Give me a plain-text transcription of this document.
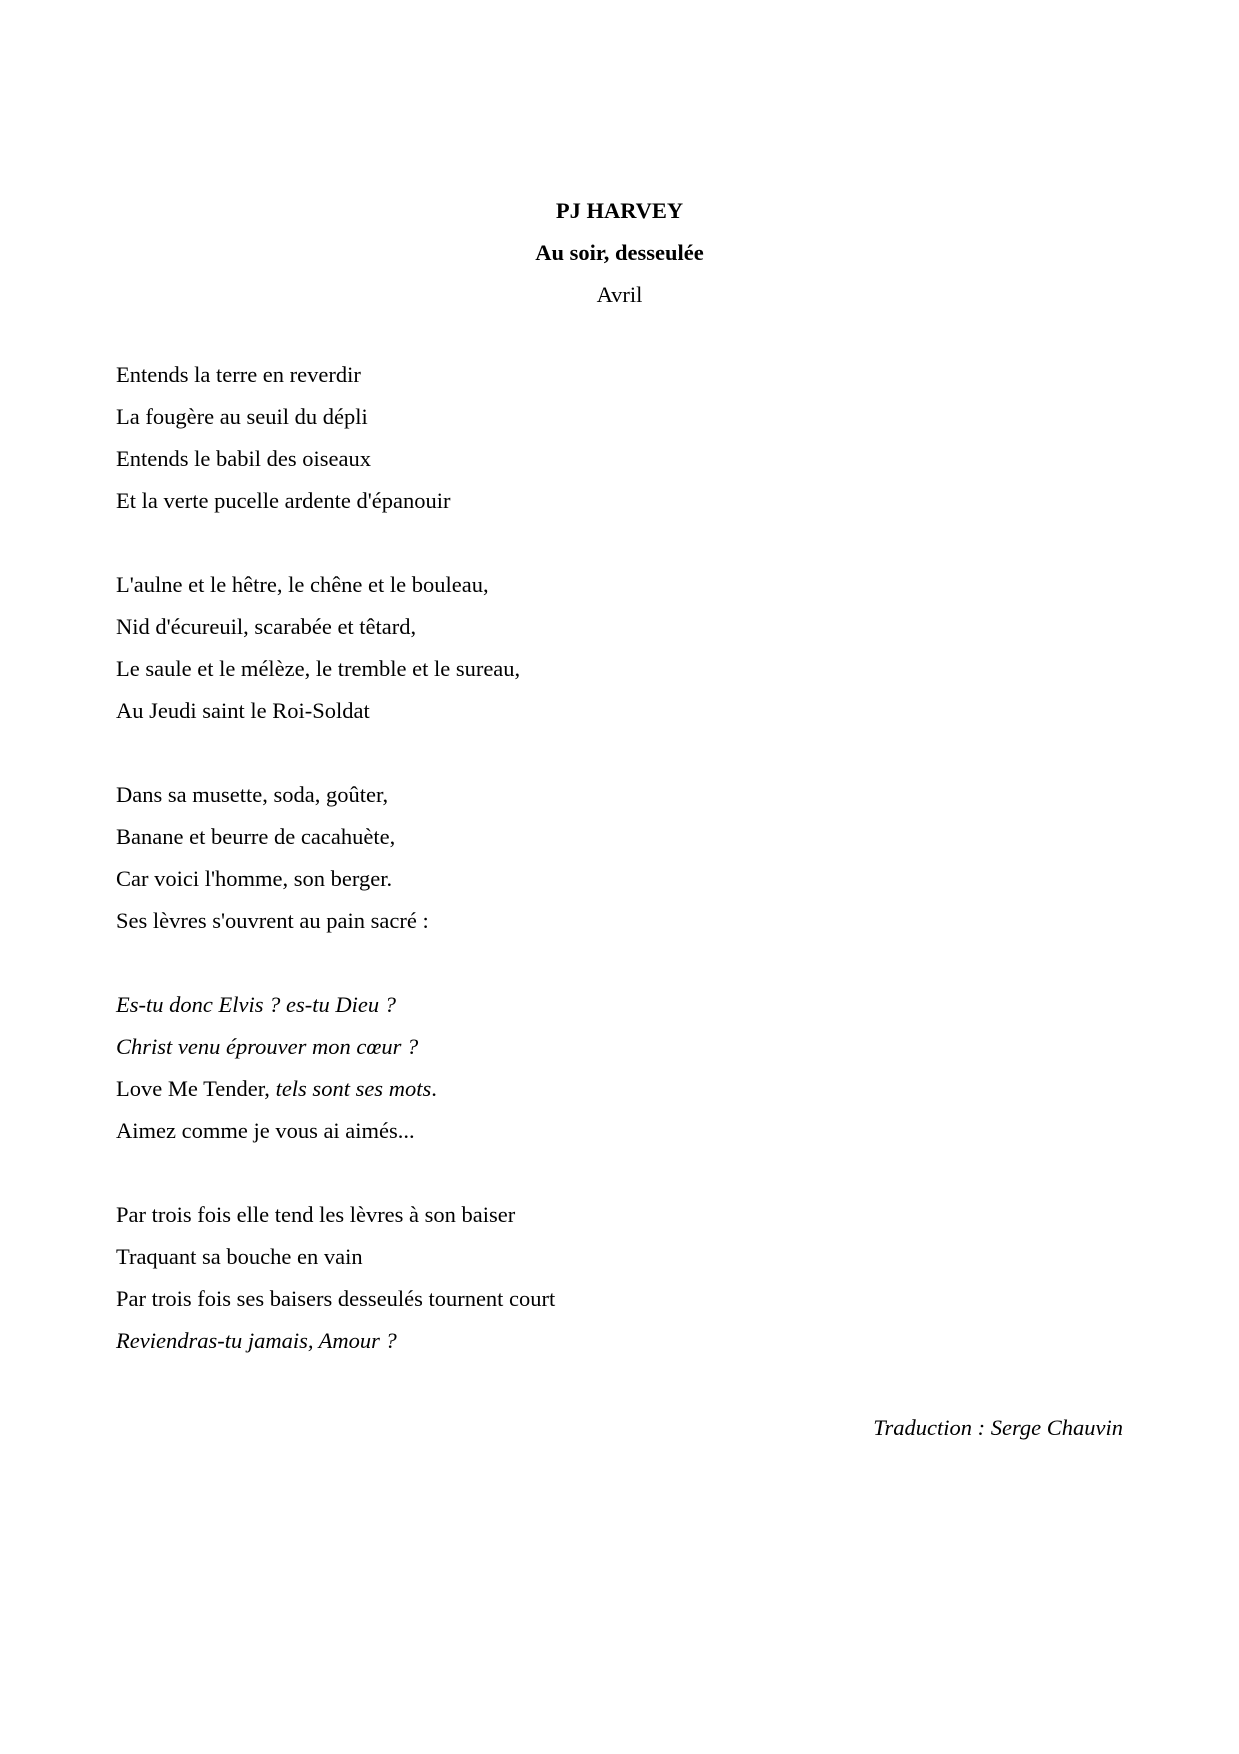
PJ HARVEY
Au soir, desseulée
Avril
Entends la terre en reverdir
La fougère au seuil du dépli
Entends le babil des oiseaux
Et la verte pucelle ardente d'épanouir
L'aulne et le hêtre, le chêne et le bouleau,
Nid d'écureuil, scarabée et têtard,
Le saule et le mélèze, le tremble et le sureau,
Au Jeudi saint le Roi-Soldat
Dans sa musette, soda, goûter,
Banane et beurre de cacahuète,
Car voici l'homme, son berger.
Ses lèvres s'ouvrent au pain sacré :
Es-tu donc Elvis ? es-tu Dieu ?
Christ venu éprouver mon cœur ?
Love Me Tender, tels sont ses mots.
Aimez comme je vous ai aimés...
Par trois fois elle tend les lèvres à son baiser
Traquant sa bouche en vain
Par trois fois ses baisers desseulés tournent court
Reviendras-tu jamais, Amour ?
Traduction : Serge Chauvin
